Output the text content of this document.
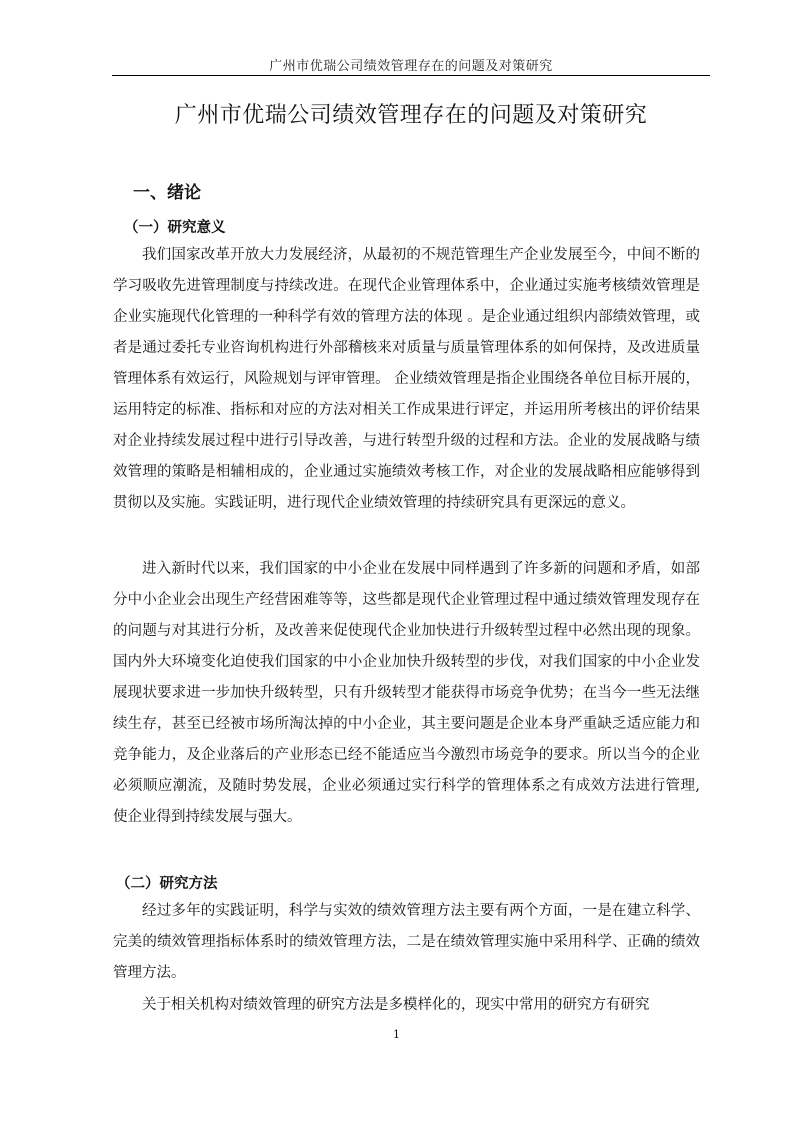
广州市优瑞公司绩效管理存在的问题及对策研究
广州市优瑞公司绩效管理存在的问题及对策研究
一、绪论
（一）研究意义

我们国家改革开放大力发展经济，从最初的不规范管理生产企业发展至今，中间不断的学习吸收先进管理制度与持续改进。在现代企业管理体系中，企业通过实施考核绩效管理是企业实施现代化管理的一种科学有效的管理方法的体现 。是企业通过组织内部绩效管理，或者是通过委托专业咨询机构进行外部稽核来对质量与质量管理体系的如何保持，及改进质量管理体系有效运行，风险规划与评审管理。 企业绩效管理是指企业围绕各单位目标开展的，运用特定的标准、指标和对应的方法对相关工作成果进行评定，并运用所考核出的评价结果对企业持续发展过程中进行引导改善，与进行转型升级的过程和方法。企业的发展战略与绩效管理的策略是相辅相成的，企业通过实施绩效考核工作，对企业的发展战略相应能够得到贯彻以及实施。实践证明，进行现代企业绩效管理的持续研究具有更深远的意义。

进入新时代以来，我们国家的中小企业在发展中同样遇到了许多新的问题和矛盾，如部分中小企业会出现生产经营困难等等，这些都是现代企业管理过程中通过绩效管理发现存在的问题与对其进行分析，及改善来促使现代企业加快进行升级转型过程中必然出现的现象。国内外大环境变化迫使我们国家的中小企业加快升级转型的步伐，对我们国家的中小企业发展现状要求进一步加快升级转型，只有升级转型才能获得市场竞争优势；在当今一些无法继续生存，甚至已经被市场所淘汰掉的中小企业，其主要问题是企业本身严重缺乏适应能力和竞争能力，及企业落后的产业形态已经不能适应当今激烈市场竞争的要求。所以当今的企业必须顺应潮流，及随时势发展，企业必须通过实行科学的管理体系之有成效方法进行管理, 使企业得到持续发展与强大。

（二）研究方法

经过多年的实践证明，科学与实效的绩效管理方法主要有两个方面，一是在建立科学、完美的绩效管理指标体系时的绩效管理方法，二是在绩效管理实施中采用科学、正确的绩效管理方法。

关于相关机构对绩效管理的研究方法是多模样化的，现实中常用的研究方有研究

1
